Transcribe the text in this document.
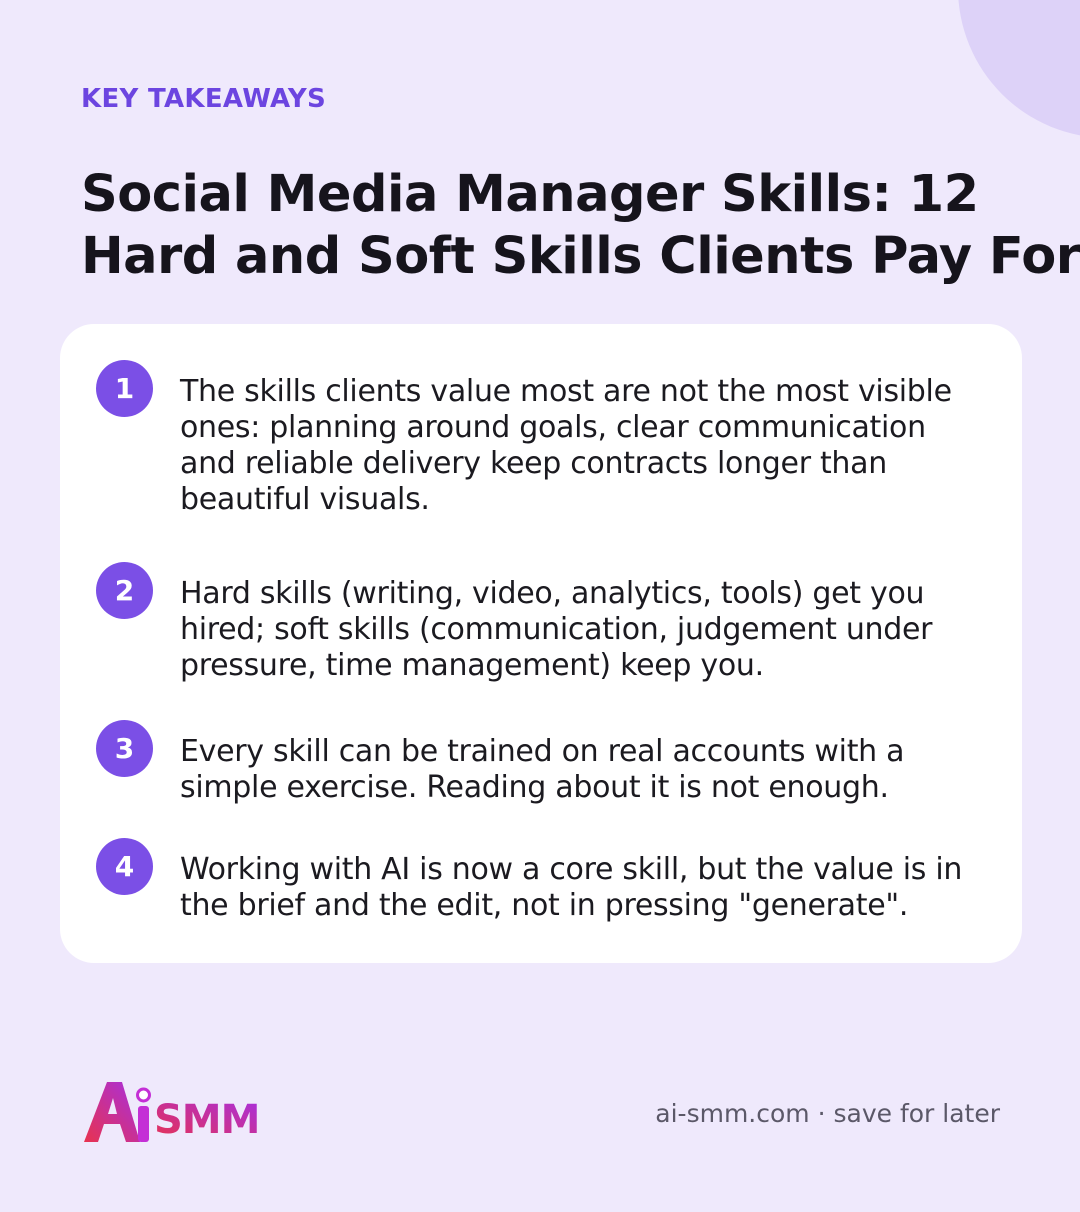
KEY TAKEAWAYS
Social Media Manager Skills: 12
Hard and Soft Skills Clients Pay For
1	The skills clients value most are not the most visible ones: planning around goals, clear communication and reliable delivery keep contracts longer than beautiful visuals.

2	Hard skills (writing, video, analytics, tools) get you hired; soft skills (communication, judgement under pressure, time management) keep you.

3	Every skill can be trained on real accounts with a simple exercise. Reading about it is not enough.

4	Working with AI is now a core skill, but the value is in the brief and the edit, not in pressing "generate".

SMM	ai-smm.com · save for later
